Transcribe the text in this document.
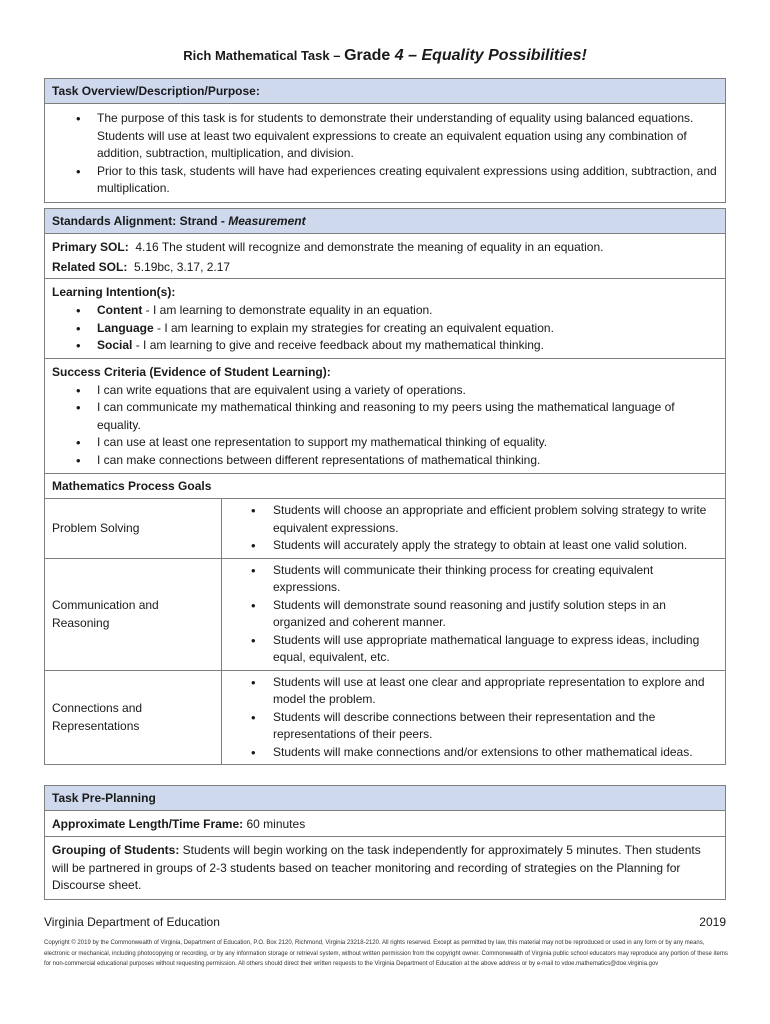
Rich Mathematical Task – Grade 4 – Equality Possibilities!
Task Overview/Description/Purpose:
• The purpose of this task is for students to demonstrate their understanding of equality using balanced equations. Students will use at least two equivalent expressions to create an equivalent equation using any combination of addition, subtraction, multiplication, and division.
• Prior to this task, students will have had experiences creating equivalent expressions using addition, subtraction, and multiplication.
Standards Alignment: Strand - Measurement
Primary SOL: 4.16 The student will recognize and demonstrate the meaning of equality in an equation.
Related SOL: 5.19bc, 3.17, 2.17
Learning Intention(s):
• Content - I am learning to demonstrate equality in an equation.
• Language - I am learning to explain my strategies for creating an equivalent equation.
• Social - I am learning to give and receive feedback about my mathematical thinking.
Success Criteria (Evidence of Student Learning):
• I can write equations that are equivalent using a variety of operations.
• I can communicate my mathematical thinking and reasoning to my peers using the mathematical language of equality.
• I can use at least one representation to support my mathematical thinking of equality.
• I can make connections between different representations of mathematical thinking.
Mathematics Process Goals
Problem Solving	
• Students will choose an appropriate and efficient problem solving strategy to write equivalent expressions.
• Students will accurately apply the strategy to obtain at least one valid solution.

Communication and Reasoning	
• Students will communicate their thinking process for creating equivalent expressions.
• Students will demonstrate sound reasoning and justify solution steps in an organized and coherent manner.
• Students will use appropriate mathematical language to express ideas, including equal, equivalent, etc.

Connections and Representations	
• Students will use at least one clear and appropriate representation to explore and model the problem.
• Students will describe connections between their representation and the representations of their peers.
• Students will make connections and/or extensions to other mathematical ideas.
Task Pre-Planning
Approximate Length/Time Frame: 60 minutes
Grouping of Students: Students will begin working on the task independently for approximately 5 minutes. Then students will be partnered in groups of 2-3 students based on teacher monitoring and recording of strategies on the Planning for Discourse sheet.
Virginia Department of Education	2019
Copyright © 2019 by the Commonwealth of Virginia, Department of Education, P.O. Box 2120, Richmond, Virginia 23218-2120. All rights reserved. Except as permitted by law, this material may not be reproduced or used in any form or by any means, electronic or mechanical, including photocopying or recording, or by any information storage or retrieval system, without written permission from the copyright owner. Commonwealth of Virginia public school educators may reproduce any portion of these items for non-commercial educational purposes without requesting permission. All others should direct their written requests to the Virginia Department of Education at the above address or by e-mail to vdoe.mathematics@doe.virginia.gov
